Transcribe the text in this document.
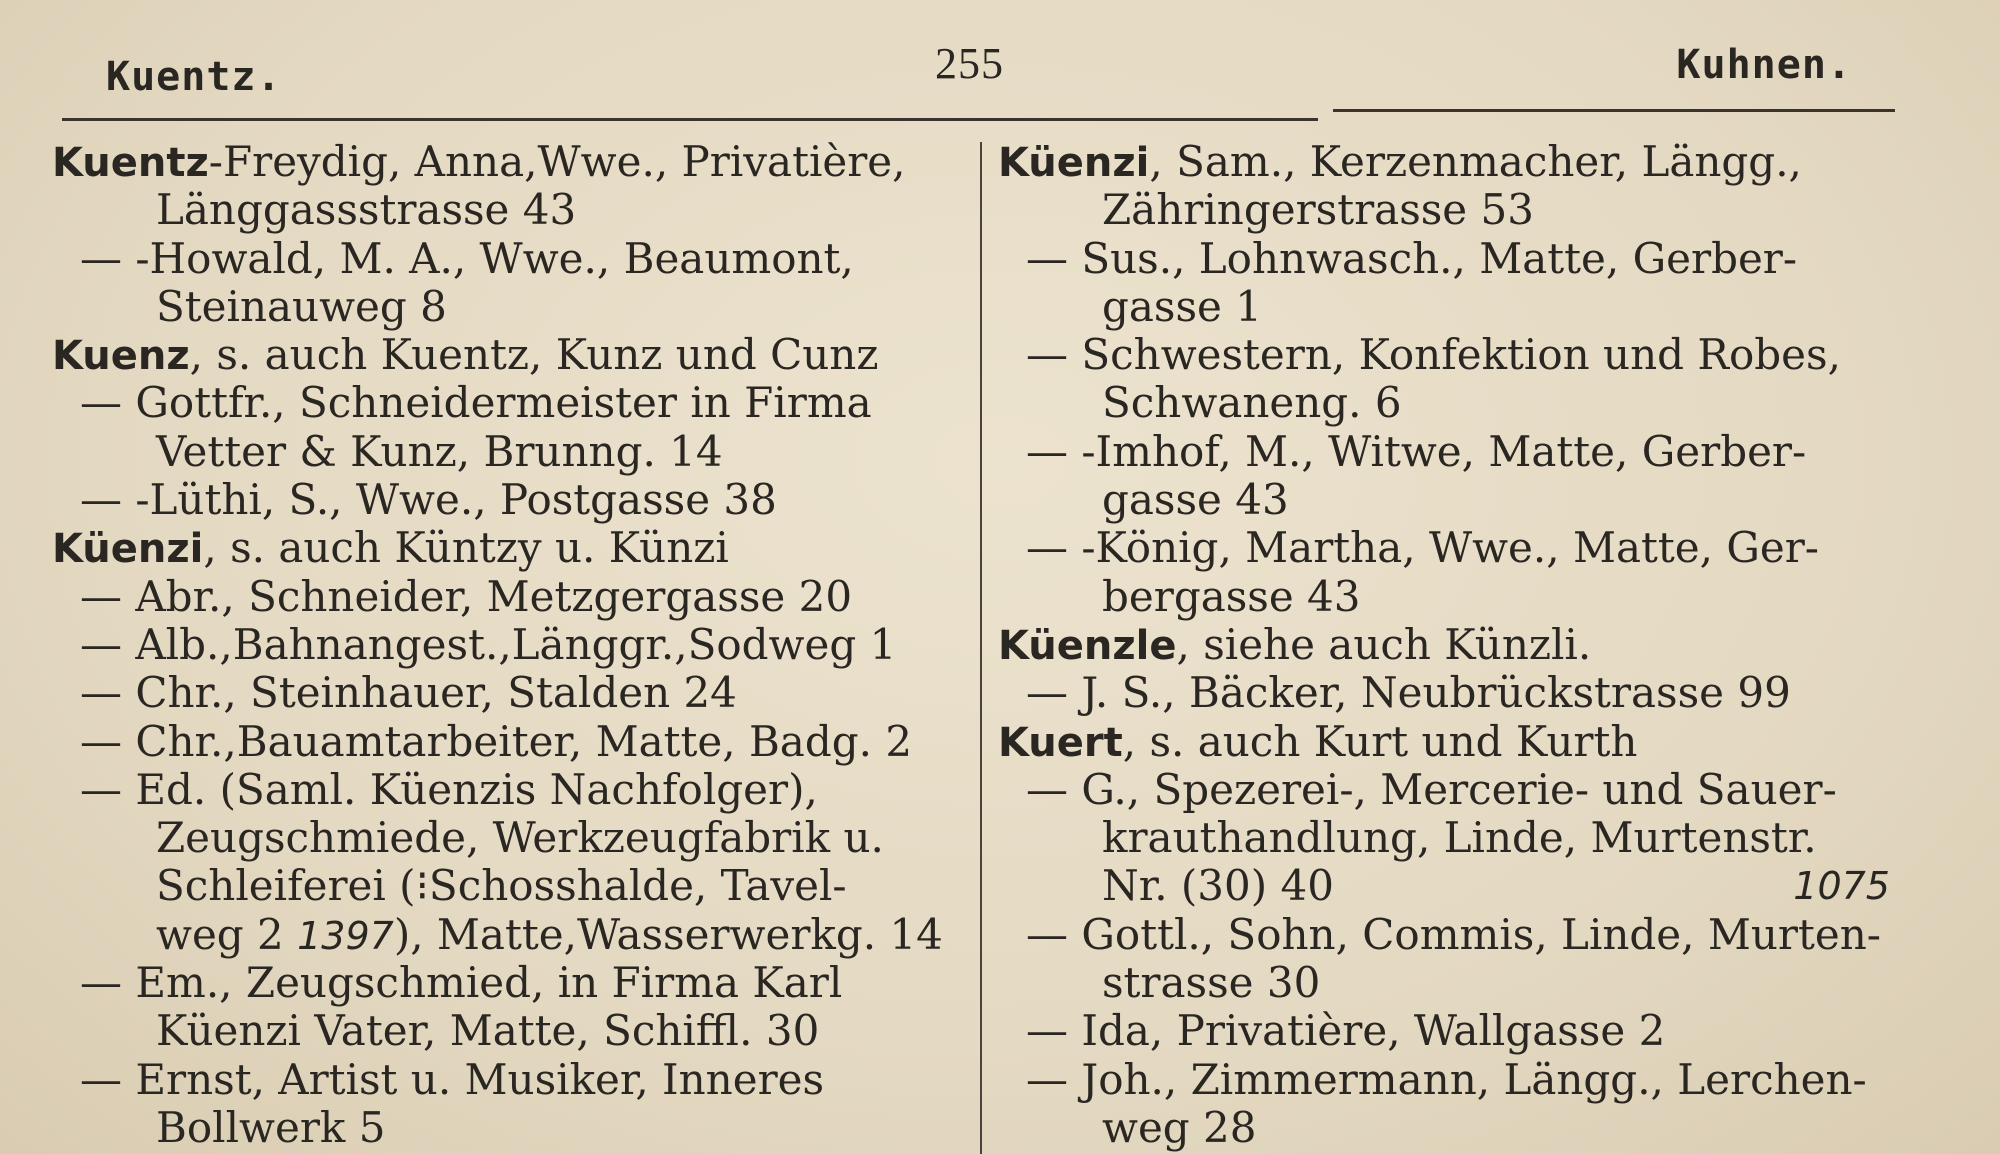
Kuentz.	255	Kuhnen.
Kuentz-Freydig, Anna,Wwe., Privatière,
Länggassstrasse 43
— -Howald, M. A., Wwe., Beaumont,
Steinauweg 8
Kuenz, s. auch Kuentz, Kunz und Cunz
— Gottfr., Schneidermeister in Firma
Vetter & Kunz, Brunng. 14
— -Lüthi, S., Wwe., Postgasse 38
Küenzi, s. auch Küntzy u. Künzi
— Abr., Schneider, Metzgergasse 20
— Alb.,Bahnangest.,Länggr.,Sodweg 1
— Chr., Steinhauer, Stalden 24
— Chr.,Bauamtarbeiter, Matte, Badg. 2
— Ed. (Saml. Küenzis Nachfolger),
Zeugschmiede, Werkzeugfabrik u.
Schleiferei (⁝Schosshalde, Tavel-
weg 2 1397), Matte,Wasserwerkg. 14
— Em., Zeugschmied, in Firma Karl
Küenzi Vater, Matte, Schiffl. 30
— Ernst, Artist u. Musiker, Inneres
Bollwerk 5
Küenzi, Sam., Kerzenmacher, Längg.,
Zähringerstrasse 53
— Sus., Lohnwasch., Matte, Gerber-
gasse 1
— Schwestern, Konfektion und Robes,
Schwaneng. 6
— -Imhof, M., Witwe, Matte, Gerber-
gasse 43
— -König, Martha, Wwe., Matte, Ger-
bergasse 43
Küenzle, siehe auch Künzli.
— J. S., Bäcker, Neubrückstrasse 99
Kuert, s. auch Kurt und Kurth
— G., Spezerei-, Mercerie- und Sauer-
krauthandlung, Linde, Murtenstr.
Nr. (30) 40	1075
— Gottl., Sohn, Commis, Linde, Murten-
strasse 30
— Ida, Privatière, Wallgasse 2
— Joh., Zimmermann, Längg., Lerchen-
weg 28
